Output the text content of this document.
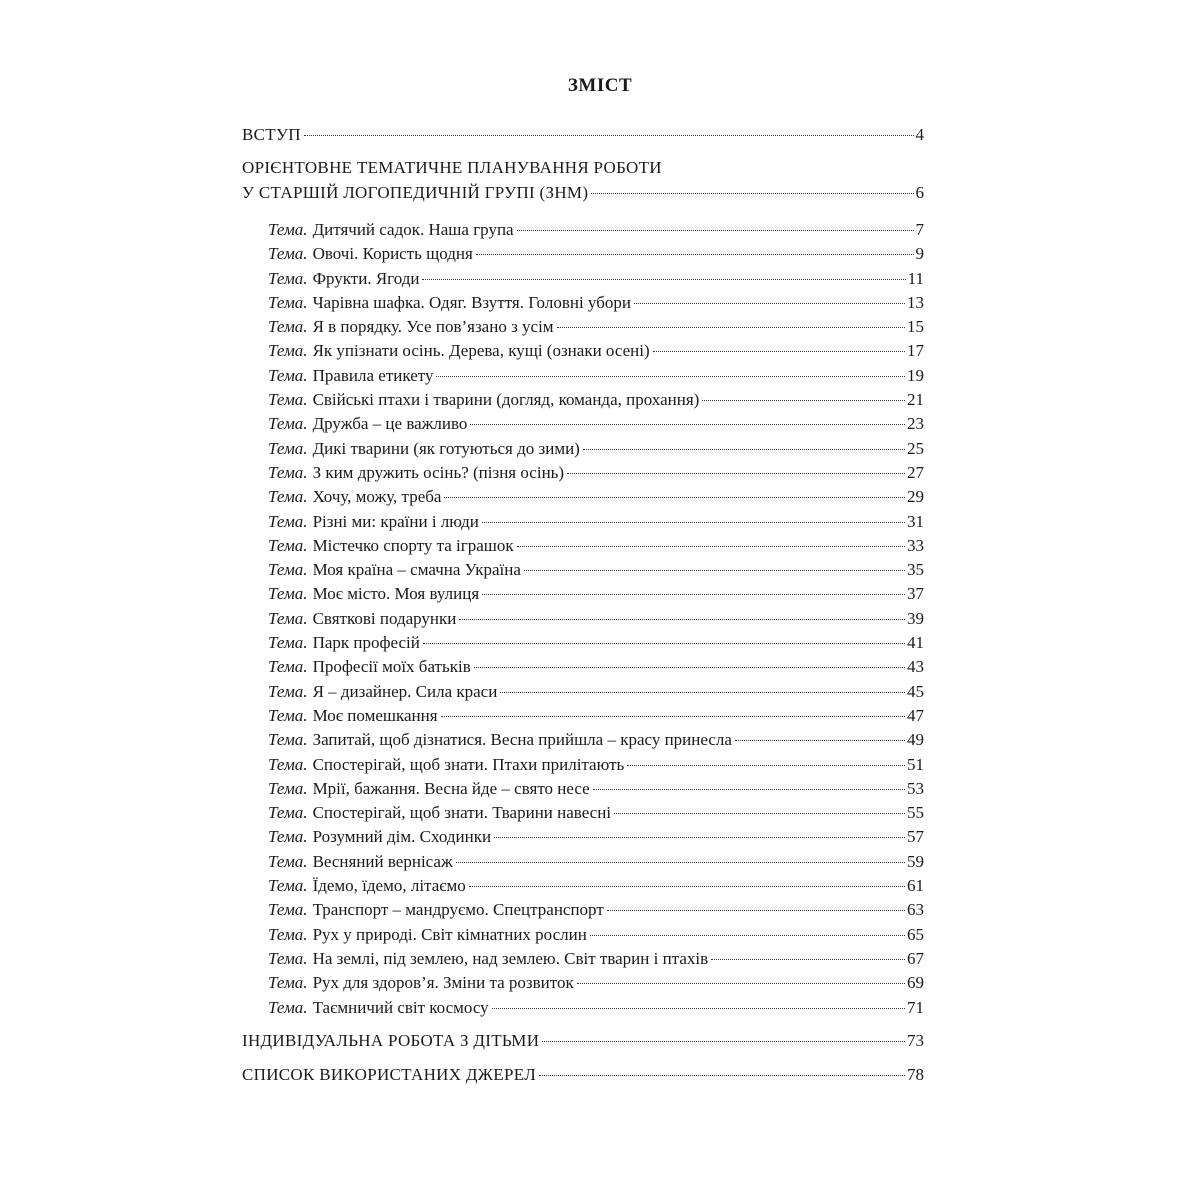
ЗМІСТ
ВСТУП	4
ОРІЄНТОВНЕ ТЕМАТИЧНЕ ПЛАНУВАННЯ РОБОТИ
У СТАРШІЙ ЛОГОПЕДИЧНІЙ ГРУПІ (ЗНМ)	6
Тема. Дитячий садок. Наша група	7
Тема. Овочі. Користь щодня	9
Тема. Фрукти. Ягоди	11
Тема. Чарівна шафка. Одяг. Взуття. Головні убори	13
Тема. Я в порядку. Усе пов’язано з усім	15
Тема. Як упізнати осінь. Дерева, кущі (ознаки осені)	17
Тема. Правила етикету	19
Тема. Свійські птахи і тварини (догляд, команда, прохання)	21
Тема. Дружба – це важливо	23
Тема. Дикі тварини (як готуються до зими)	25
Тема. З ким дружить осінь? (пізня осінь)	27
Тема. Хочу, можу, треба	29
Тема. Різні ми: країни і люди	31
Тема. Містечко спорту та іграшок	33
Тема. Моя країна – смачна Україна	35
Тема. Моє місто. Моя вулиця	37
Тема. Святкові подарунки	39
Тема. Парк професій	41
Тема. Професії моїх батьків	43
Тема. Я – дизайнер. Сила краси	45
Тема. Моє помешкання	47
Тема. Запитай, щоб дізнатися. Весна прийшла – красу принесла	49
Тема. Спостерігай, щоб знати. Птахи прилітають	51
Тема. Мрії, бажання. Весна йде – свято несе	53
Тема. Спостерігай, щоб знати. Тварини навесні	55
Тема. Розумний дім. Сходинки	57
Тема. Весняний вернісаж	59
Тема. Їдемо, їдемо, літаємо	61
Тема. Транспорт – мандруємо. Спецтранспорт	63
Тема. Рух у природі. Світ кімнатних рослин	65
Тема. На землі, під землею, над землею. Світ тварин і птахів	67
Тема. Рух для здоров’я. Зміни та розвиток	69
Тема. Таємничий світ космосу	71
ІНДИВІДУАЛЬНА РОБОТА З ДІТЬМИ	73
СПИСОК ВИКОРИСТАНИХ ДЖЕРЕЛ	78
